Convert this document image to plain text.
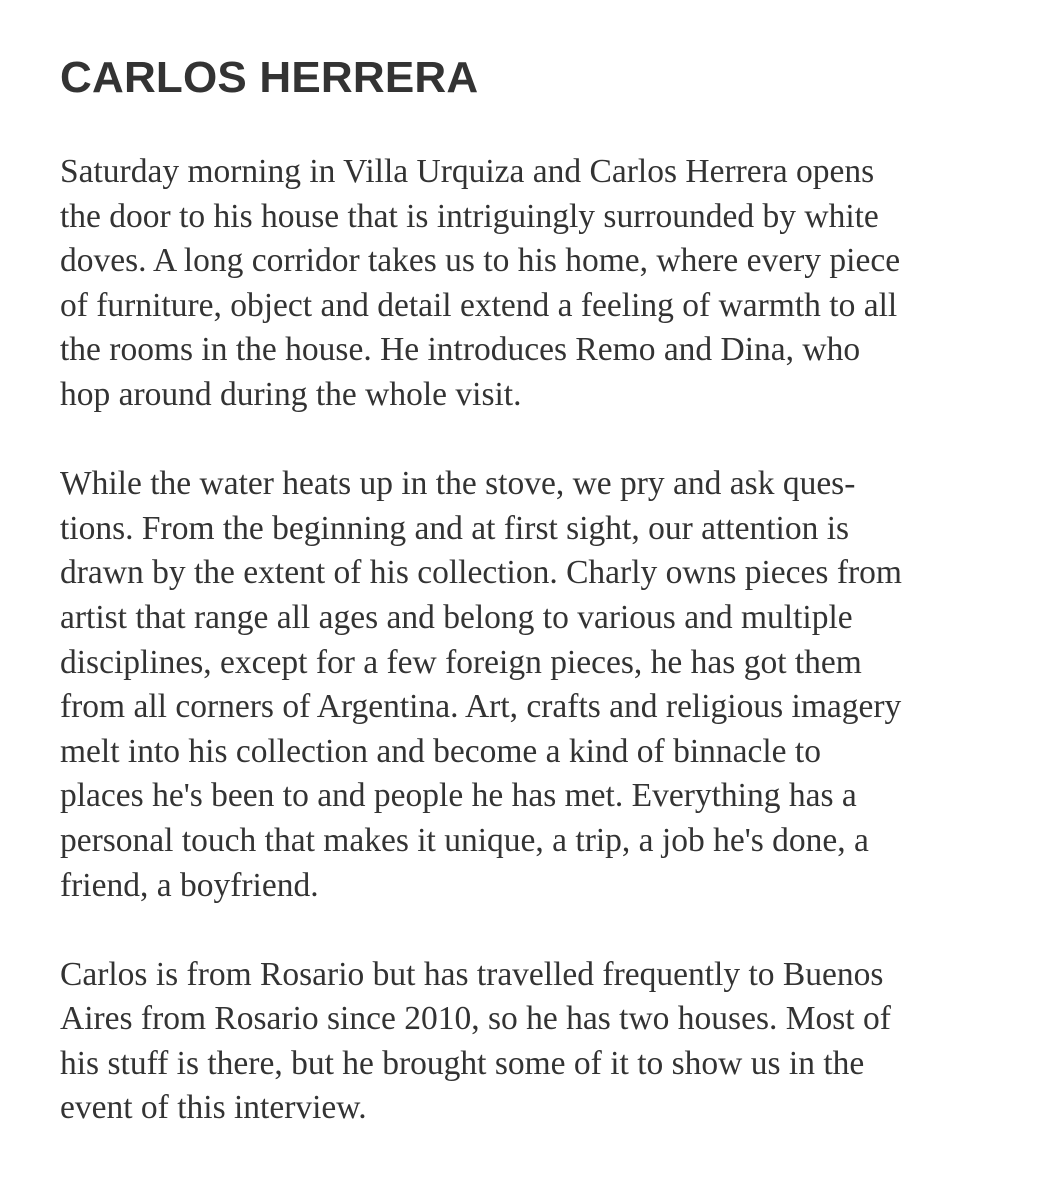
CARLOS HERRERA

Saturday morning in Villa Urquiza and Carlos Herrera opens
the door to his house that is intriguingly surrounded by white
doves. A long corridor takes us to his home, where every piece
of furniture, object and detail extend a feeling of warmth to all
the rooms in the house. He introduces Remo and Dina, who
hop around during the whole visit.

While the water heats up in the stove, we pry and ask ques-
tions. From the beginning and at first sight, our attention is
drawn by the extent of his collection. Charly owns pieces from
artist that range all ages and belong to various and multiple
disciplines, except for a few foreign pieces, he has got them
from all corners of Argentina. Art, crafts and religious imagery
melt into his collection and become a kind of binnacle to
places he's been to and people he has met. Everything has a
personal touch that makes it unique, a trip, a job he's done, a
friend, a boyfriend.

Carlos is from Rosario but has travelled frequently to Buenos
Aires from Rosario since 2010, so he has two houses. Most of
his stuff is there, but he brought some of it to show us in the
event of this interview.
